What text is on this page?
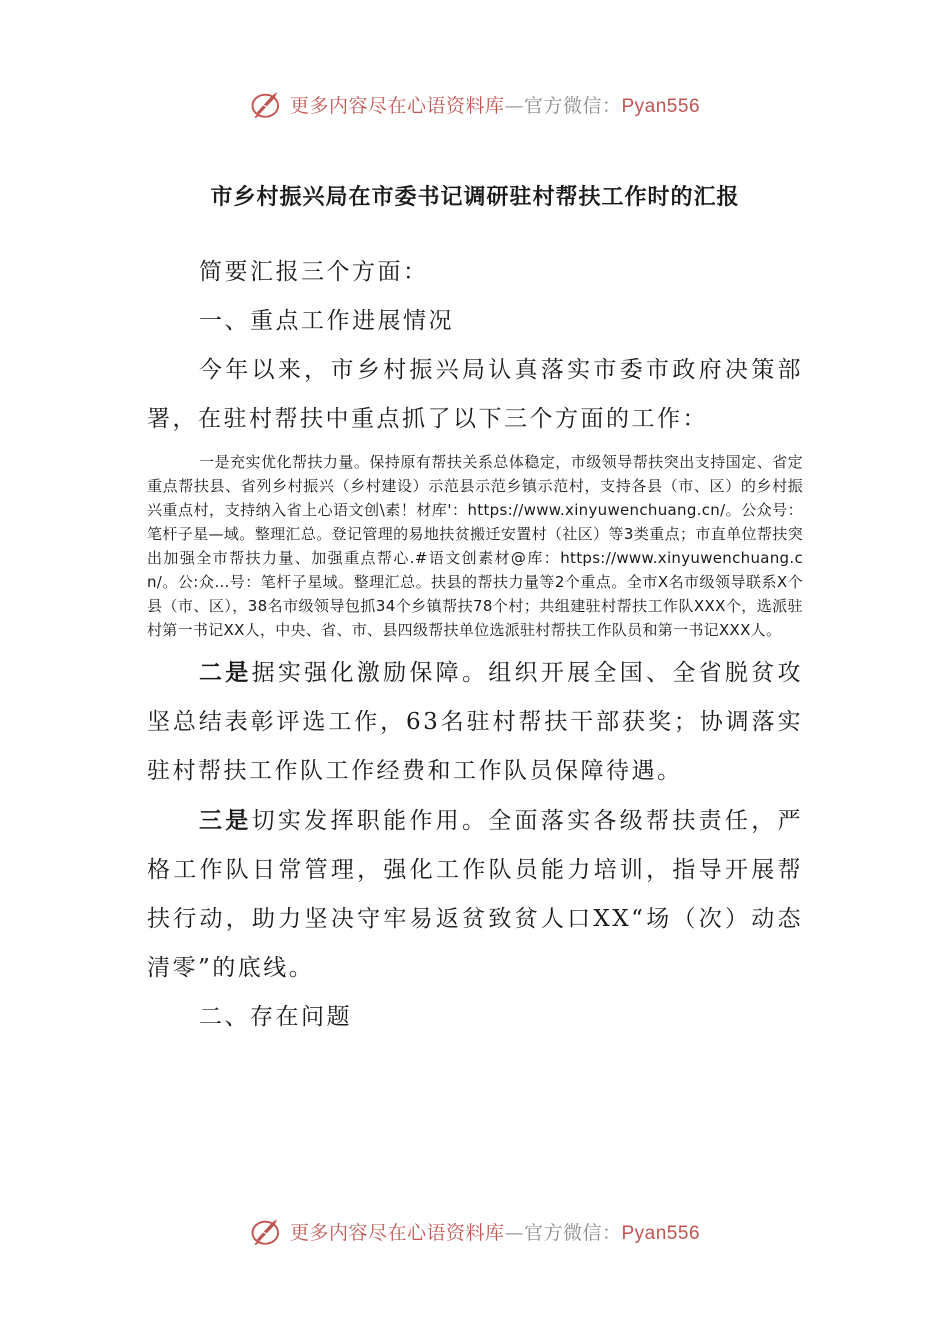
更多内容尽在心语资料库—官方微信：Pyan556
市乡村振兴局在市委书记调研驻村帮扶工作时的汇报

简要汇报三个方面：

一、重点工作进展情况

今年以来，市乡村振兴局认真落实市委市政府决策部署，在驻村帮扶中重点抓了以下三个方面的工作：

一是充实优化帮扶力量。保持原有帮扶关系总体稳定，市级领导帮扶突出支持国定、省定重点帮扶县、省列乡村振兴（乡村建设）示范县示范乡镇示范村，支持各县（市、区）的乡村振兴重点村，支持纳入省上心语文创\素！材库'：https://www.xinyuwenchuang.cn/。公众号：笔杆子星—域。整理汇总。登记管理的易地扶贫搬迁安置村（社区）等3类重点；市直单位帮扶突出加强全市帮扶力量、加强重点帮心.#语文创素材@库：https://www.xinyuwenchuang.cn/。公:众…号：笔杆子星域。整理汇总。扶县的帮扶力量等2个重点。全市X名市级领导联系X个县（市、区），38名市级领导包抓34个乡镇帮扶78个村；共组建驻村帮扶工作队XXX个，选派驻村第一书记XX人，中央、省、市、县四级帮扶单位选派驻村帮扶工作队员和第一书记XXX人。

二是据实强化激励保障。组织开展全国、全省脱贫攻坚总结表彰评选工作，63名驻村帮扶干部获奖；协调落实驻村帮扶工作队工作经费和工作队员保障待遇。

三是切实发挥职能作用。全面落实各级帮扶责任，严格工作队日常管理，强化工作队员能力培训，指导开展帮扶行动，助力坚决守牢易返贫致贫人口XX“场（次）动态清零”的底线。

二、存在问题

更多内容尽在心语资料库—官方微信：Pyan556
